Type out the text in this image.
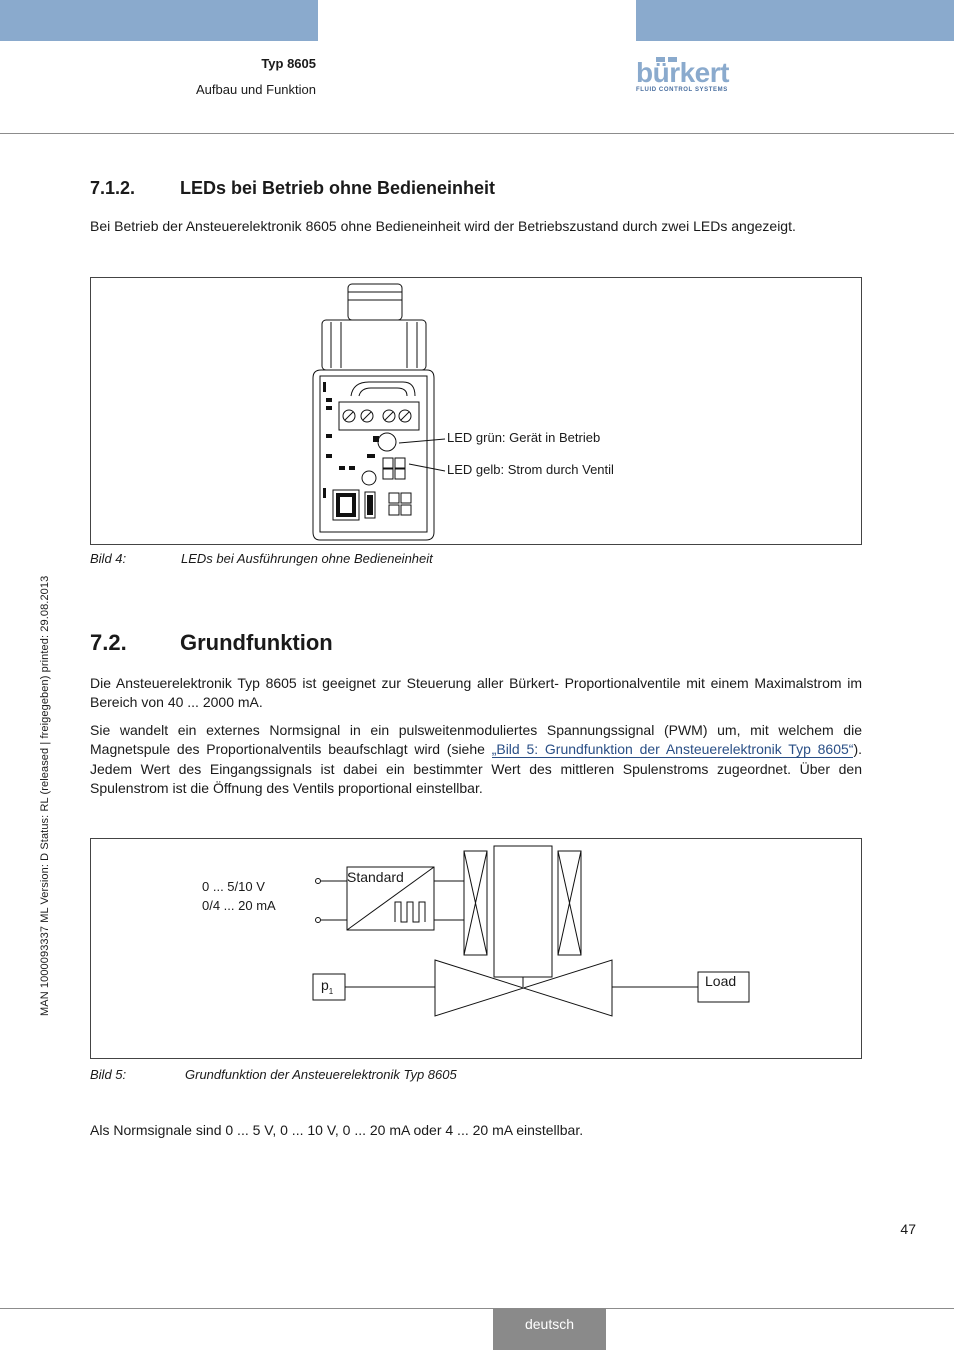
Typ 8605
Aufbau und Funktion
bürkert
FLUID CONTROL SYSTEMS
7.1.2. LEDs bei Betrieb ohne Bedieneinheit
Bei Betrieb der Ansteuerelektronik 8605 ohne Bedieneinheit wird der Betriebszustand durch zwei LEDs angezeigt.
LED grün: Gerät in Betrieb
LED gelb: Strom durch Ventil
Bild 4:	LEDs bei Ausführungen ohne Bedieneinheit
7.2. Grundfunktion
Die Ansteuerelektronik Typ 8605 ist geeignet zur Steuerung aller Bürkert- Proportionalventile mit einem Maximalstrom im Bereich von 40 ... 2000 mA.
Sie wandelt ein externes Normsignal in ein pulsweitenmoduliertes Spannungssignal (PWM) um, mit welchem die Magnetspule des Proportionalventils beaufschlagt wird (siehe „Bild 5: Grundfunktion der Ansteuerelektronik Typ 8605“). Jedem Wert des Eingangssignals ist dabei ein bestimmter Wert des mittleren Spulenstroms zugeordnet. Über den Spulenstrom ist die Öffnung des Ventils proportional einstellbar.
0 ... 5/10 V
0/4 ... 20 mA
Standard
$p_1$
Load
Bild 5:	Grundfunktion der Ansteuerelektronik Typ 8605
Als Normsignale sind 0 ... 5 V, 0 ... 10 V, 0 ... 20 mA oder 4 ... 20 mA einstellbar.
MAN 1000093337 ML Version: D Status: RL (released | freigegeben) printed: 29.08.2013
47
deutsch
